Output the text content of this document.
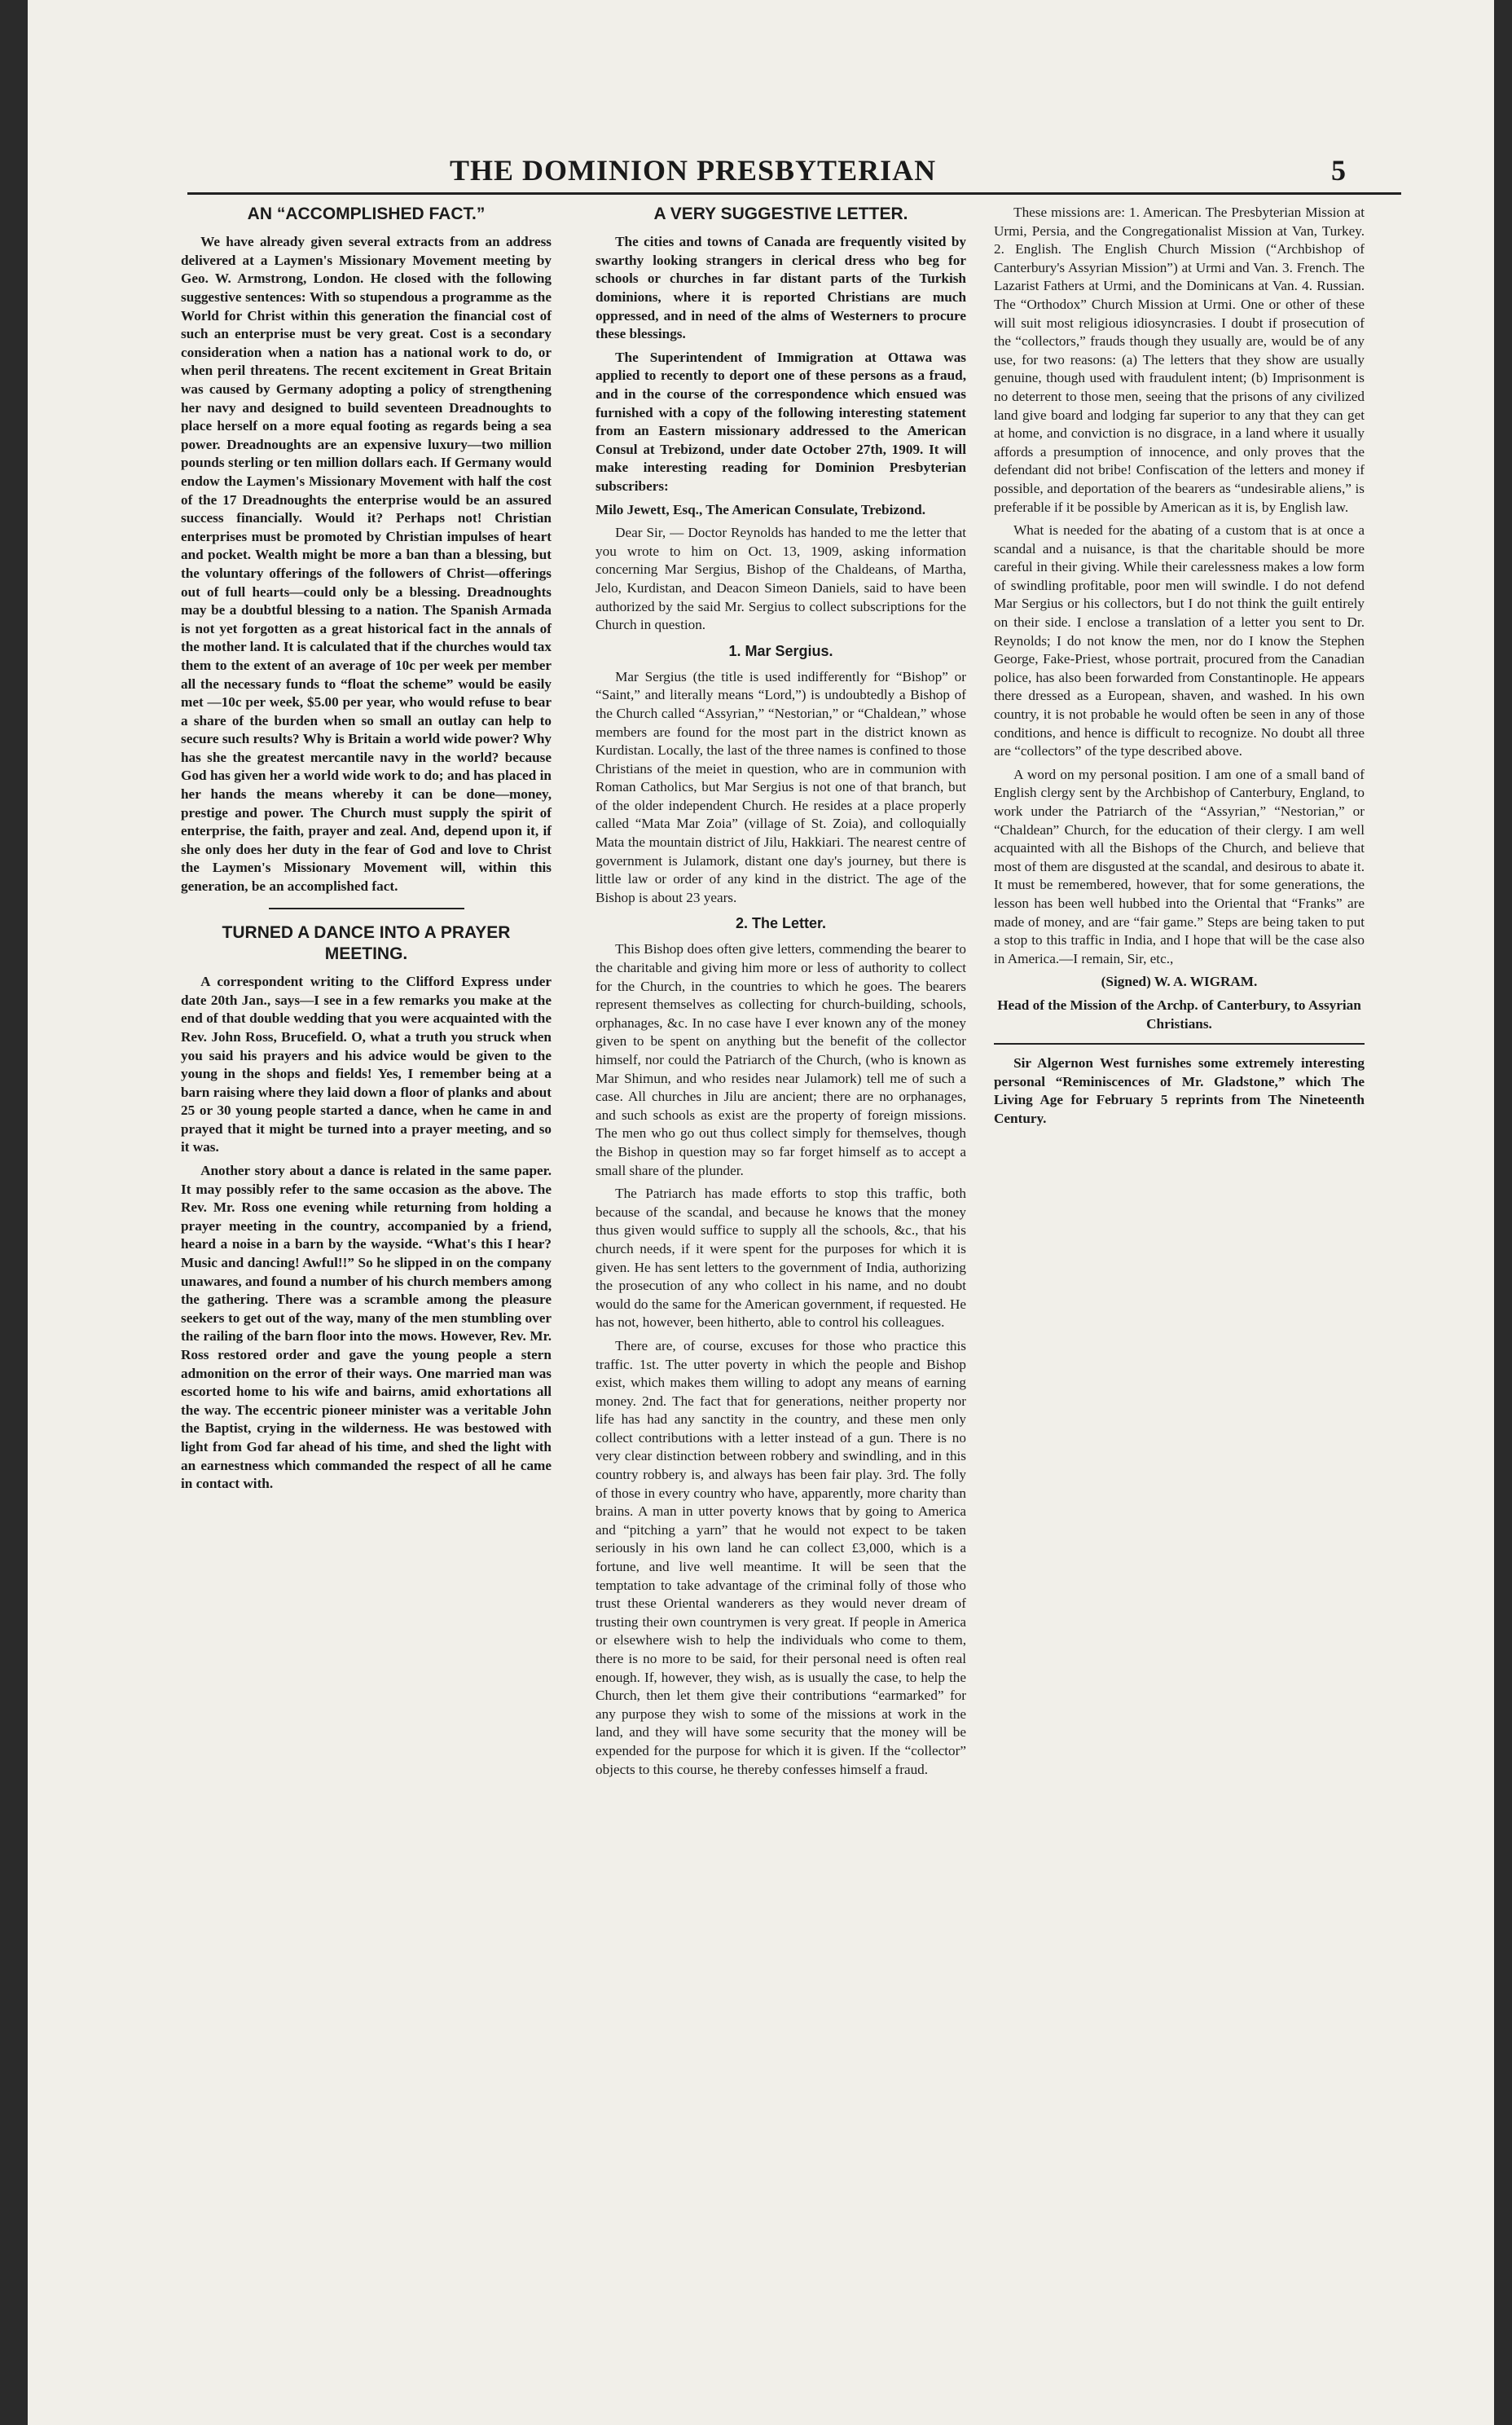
THE DOMINION PRESBYTERIAN	5
AN “ACCOMPLISHED FACT.”

We have already given several extracts from an address delivered at a Laymen's Missionary Movement meeting by Geo. W. Armstrong, London. He closed with the following suggestive sentences: With so stupendous a programme as the World for Christ within this generation the financial cost of such an enterprise must be very great. Cost is a secondary consideration when a nation has a national work to do, or when peril threatens. The recent excitement in Great Britain was caused by Germany adopting a policy of strengthening her navy and designed to build seventeen Dreadnoughts to place herself on a more equal footing as regards being a sea power. Dreadnoughts are an expensive luxury—two million pounds sterling or ten million dollars each. If Germany would endow the Laymen's Missionary Movement with half the cost of the 17 Dreadnoughts the enterprise would be an assured success financially. Would it? Perhaps not! Christian enterprises must be promoted by Christian impulses of heart and pocket. Wealth might be more a ban than a blessing, but the voluntary offerings of the followers of Christ—offerings out of full hearts—could only be a blessing. Dreadnoughts may be a doubtful blessing to a nation. The Spanish Armada is not yet forgotten as a great historical fact in the annals of the mother land. It is calculated that if the churches would tax them to the extent of an average of 10c per week per member all the necessary funds to “float the scheme” would be easily met —10c per week, $5.00 per year, who would refuse to bear a share of the burden when so small an outlay can help to secure such results? Why is Britain a world wide power? Why has she the greatest mercantile navy in the world? because God has given her a world wide work to do; and has placed in her hands the means whereby it can be done—money, prestige and power. The Church must supply the spirit of enterprise, the faith, prayer and zeal. And, depend upon it, if she only does her duty in the fear of God and love to Christ the Laymen's Missionary Movement will, within this generation, be an accomplished fact.

TURNED A DANCE INTO A PRAYER MEETING.

A correspondent writing to the Clifford Express under date 20th Jan., says—I see in a few remarks you make at the end of that double wedding that you were acquainted with the Rev. John Ross, Brucefield. O, what a truth you struck when you said his prayers and his advice would be given to the young in the shops and fields! Yes, I remember being at a barn raising where they laid down a floor of planks and about 25 or 30 young people started a dance, when he came in and prayed that it might be turned into a prayer meeting, and so it was.

Another story about a dance is related in the same paper. It may possibly refer to the same occasion as the above. The Rev. Mr. Ross one evening while returning from holding a prayer meeting in the country, accompanied by a friend, heard a noise in a barn by the wayside. “What's this I hear? Music and dancing! Awful!!” So he slipped in on the company unawares, and found a number of his church members among the gathering. There was a scramble among the pleasure seekers to get out of the way, many of the men stumbling over the railing of the barn floor into the mows. However, Rev. Mr. Ross restored order and gave the young people a stern admonition on the error of their ways. One married man was escorted home to his wife and bairns, amid exhortations all the way. The eccentric pioneer minister was a veritable John the Baptist, crying in the wilderness. He was bestowed with light from God far ahead of his time, and shed the light with an earnestness which commanded the respect of all he came in contact with.

A VERY SUGGESTIVE LETTER.

The cities and towns of Canada are frequently visited by swarthy looking strangers in clerical dress who beg for schools or churches in far distant parts of the Turkish dominions, where it is reported Christians are much oppressed, and in need of the alms of Westerners to procure these blessings.

The Superintendent of Immigration at Ottawa was applied to recently to deport one of these persons as a fraud, and in the course of the correspondence which ensued was furnished with a copy of the following interesting statement from an Eastern missionary addressed to the American Consul at Trebizond, under date October 27th, 1909. It will make interesting reading for Dominion Presbyterian subscribers:

Milo Jewett, Esq., The American Consulate, Trebizond.

Dear Sir, — Doctor Reynolds has handed to me the letter that you wrote to him on Oct. 13, 1909, asking information concerning Mar Sergius, Bishop of the Chaldeans, of Martha, Jelo, Kurdistan, and Deacon Simeon Daniels, said to have been authorized by the said Mr. Sergius to collect subscriptions for the Church in question.

1. Mar Sergius.

Mar Sergius (the title is used indifferently for “Bishop” or “Saint,” and literally means “Lord,”) is undoubtedly a Bishop of the Church called “Assyrian,” “Nestorian,” or “Chaldean,” whose members are found for the most part in the district known as Kurdistan. Locally, the last of the three names is confined to those Christians of the meiet in question, who are in communion with Roman Catholics, but Mar Sergius is not one of that branch, but of the older independent Church. He resides at a place properly called “Mata Mar Zoia” (village of St. Zoia), and colloquially Mata the mountain district of Jilu, Hakkiari. The nearest centre of government is Julamork, distant one day's journey, but there is little law or order of any kind in the district. The age of the Bishop is about 23 years.

2. The Letter.

This Bishop does often give letters, commending the bearer to the charitable and giving him more or less of authority to collect for the Church, in the countries to which he goes. The bearers represent themselves as collecting for church-building, schools, orphanages, &c. In no case have I ever known any of the money given to be spent on anything but the benefit of the collector himself, nor could the Patriarch of the Church, (who is known as Mar Shimun, and who resides near Julamork) tell me of such a case. All churches in Jilu are ancient; there are no orphanages, and such schools as exist are the property of foreign missions. The men who go out thus collect simply for themselves, though the Bishop in question may so far forget himself as to accept a small share of the plunder.

The Patriarch has made efforts to stop this traffic, both because of the scandal, and because he knows that the money thus given would suffice to supply all the schools, &c., that his church needs, if it were spent for the purposes for which it is given. He has sent letters to the government of India, authorizing the prosecution of any who collect in his name, and no doubt would do the same for the American government, if requested. He has not, however, been hitherto, able to control his colleagues.

There are, of course, excuses for those who practice this traffic. 1st. The utter poverty in which the people and Bishop exist, which makes them willing to adopt any means of earning money. 2nd. The fact that for generations, neither property nor life has had any sanctity in the country, and these men only collect contributions with a letter instead of a gun. There is no very clear distinction between robbery and swindling, and in this country robbery is, and always has been fair play. 3rd. The folly of those in every country who have, apparently, more charity than brains. A man in utter poverty knows that by going to America and “pitching a yarn” that he would not expect to be taken seriously in his own land he can collect £3,000, which is a fortune, and live well meantime. It will be seen that the temptation to take advantage of the criminal folly of those who trust these Oriental wanderers as they would never dream of trusting their own countrymen is very great. If people in America or elsewhere wish to help the individuals who come to them, there is no more to be said, for their personal need is often real enough. If, however, they wish, as is usually the case, to help the Church, then let them give their contributions “earmarked” for any purpose they wish to some of the missions at work in the land, and they will have some security that the money will be expended for the purpose for which it is given. If the “collector” objects to this course, he thereby confesses himself a fraud.

These missions are: 1. American. The Presbyterian Mission at Urmi, Persia, and the Congregationalist Mission at Van, Turkey. 2. English. The English Church Mission (“Archbishop of Canterbury's Assyrian Mission”) at Urmi and Van. 3. French. The Lazarist Fathers at Urmi, and the Dominicans at Van. 4. Russian. The “Orthodox” Church Mission at Urmi. One or other of these will suit most religious idiosyncrasies. I doubt if prosecution of the “collectors,” frauds though they usually are, would be of any use, for two reasons: (a) The letters that they show are usually genuine, though used with fraudulent intent; (b) Imprisonment is no deterrent to those men, seeing that the prisons of any civilized land give board and lodging far superior to any that they can get at home, and conviction is no disgrace, in a land where it usually affords a presumption of innocence, and only proves that the defendant did not bribe! Confiscation of the letters and money if possible, and deportation of the bearers as “undesirable aliens,” is preferable if it be possible by American as it is, by English law.

What is needed for the abating of a custom that is at once a scandal and a nuisance, is that the charitable should be more careful in their giving. While their carelessness makes a low form of swindling profitable, poor men will swindle. I do not defend Mar Sergius or his collectors, but I do not think the guilt entirely on their side. I enclose a translation of a letter you sent to Dr. Reynolds; I do not know the men, nor do I know the Stephen George, Fake-Priest, whose portrait, procured from the Canadian police, has also been forwarded from Constantinople. He appears there dressed as a European, shaven, and washed. In his own country, it is not probable he would often be seen in any of those conditions, and hence is difficult to recognize. No doubt all three are “collectors” of the type described above.

A word on my personal position. I am one of a small band of English clergy sent by the Archbishop of Canterbury, England, to work under the Patriarch of the “Assyrian,” “Nestorian,” or “Chaldean” Church, for the education of their clergy. I am well acquainted with all the Bishops of the Church, and believe that most of them are disgusted at the scandal, and desirous to abate it. It must be remembered, however, that for some generations, the lesson has been well hubbed into the Oriental that “Franks” are made of money, and are “fair game.” Steps are being taken to put a stop to this traffic in India, and I hope that will be the case also in America.—I remain, Sir, etc.,

(Signed) W. A. WIGRAM.

Head of the Mission of the Archp. of Canterbury, to Assyrian Christians.

Sir Algernon West furnishes some extremely interesting personal “Reminiscences of Mr. Gladstone,” which The Living Age for February 5 reprints from The Nineteenth Century.
